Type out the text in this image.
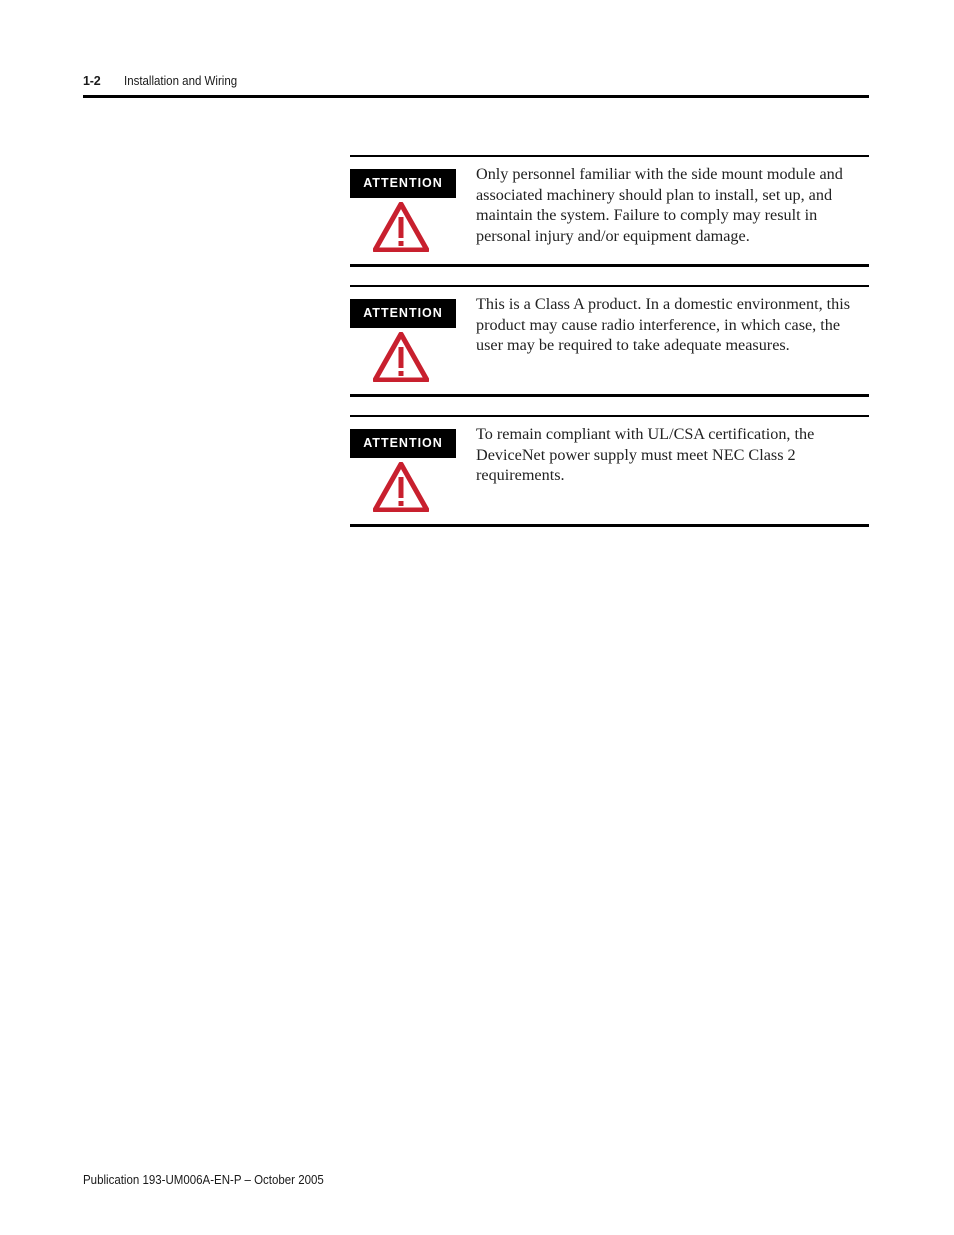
1-2 Installation and Wiring
ATTENTION	Only personnel familiar with the side mount module and associated machinery should plan to install, set up, and maintain the system. Failure to comply may result in personal injury and/or equipment damage.
ATTENTION	This is a Class A product. In a domestic environment, this product may cause radio interference, in which case, the user may be required to take adequate measures.
ATTENTION	To remain compliant with UL/CSA certification, the DeviceNet power supply must meet NEC Class 2 requirements.
Publication 193-UM006A-EN-P – October 2005
